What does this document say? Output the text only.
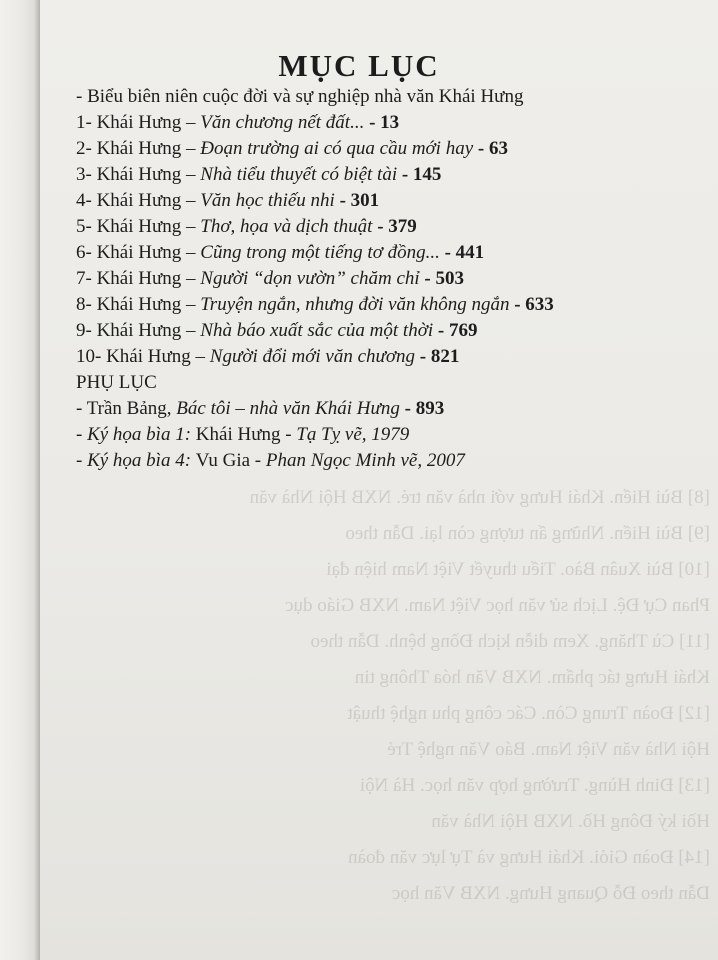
[8] Bùi Hiển. Khái Hưng với nhà văn trẻ. NXB Hội Nhà văn
[9] Bùi Hiển. Những ấn tượng còn lại. Dẫn theo
[10] Bùi Xuân Bào. Tiểu thuyết Việt Nam hiện đại
Phan Cự Đệ. Lịch sử văn học Việt Nam. NXB Giáo dục
[11] Cù Thăng. Xem diễn kịch Đồng bệnh. Dẫn theo
Khái Hưng tác phẩm. NXB Văn hóa Thông tin
[12] Đoàn Trung Còn. Các công phu nghệ thuật
Hội Nhà văn Việt Nam. Báo Văn nghệ Trẻ
[13] Đinh Hùng. Trường hợp văn học. Hà Nội
Hồi ký Đông Hồ. NXB Hội Nhà văn
[14] Đoàn Giỏi. Khái Hưng và Tự lực văn đoàn
Dẫn theo Đỗ Quang Hưng. NXB Văn học
MỤC LỤC
- Biểu biên niên cuộc đời và sự nghiệp nhà văn Khái Hưng
1- Khái Hưng – Văn chương nết đất... - 13
2- Khái Hưng – Đoạn trường ai có qua cầu mới hay - 63
3- Khái Hưng – Nhà tiểu thuyết có biệt tài - 145
4- Khái Hưng – Văn học thiếu nhi - 301
5- Khái Hưng – Thơ, họa và dịch thuật - 379
6- Khái Hưng – Cũng trong một tiếng tơ đồng... - 441
7- Khái Hưng – Người “dọn vườn” chăm chỉ - 503
8- Khái Hưng – Truyện ngắn, nhưng đời văn không ngắn - 633
9- Khái Hưng – Nhà báo xuất sắc của một thời - 769
10- Khái Hưng – Người đổi mới văn chương - 821
PHỤ LỤC
- Trần Bảng, Bác tôi – nhà văn Khái Hưng - 893
- Ký họa bìa 1: Khái Hưng - Tạ Tỵ vẽ, 1979
- Ký họa bìa 4: Vu Gia - Phan Ngọc Minh vẽ, 2007
